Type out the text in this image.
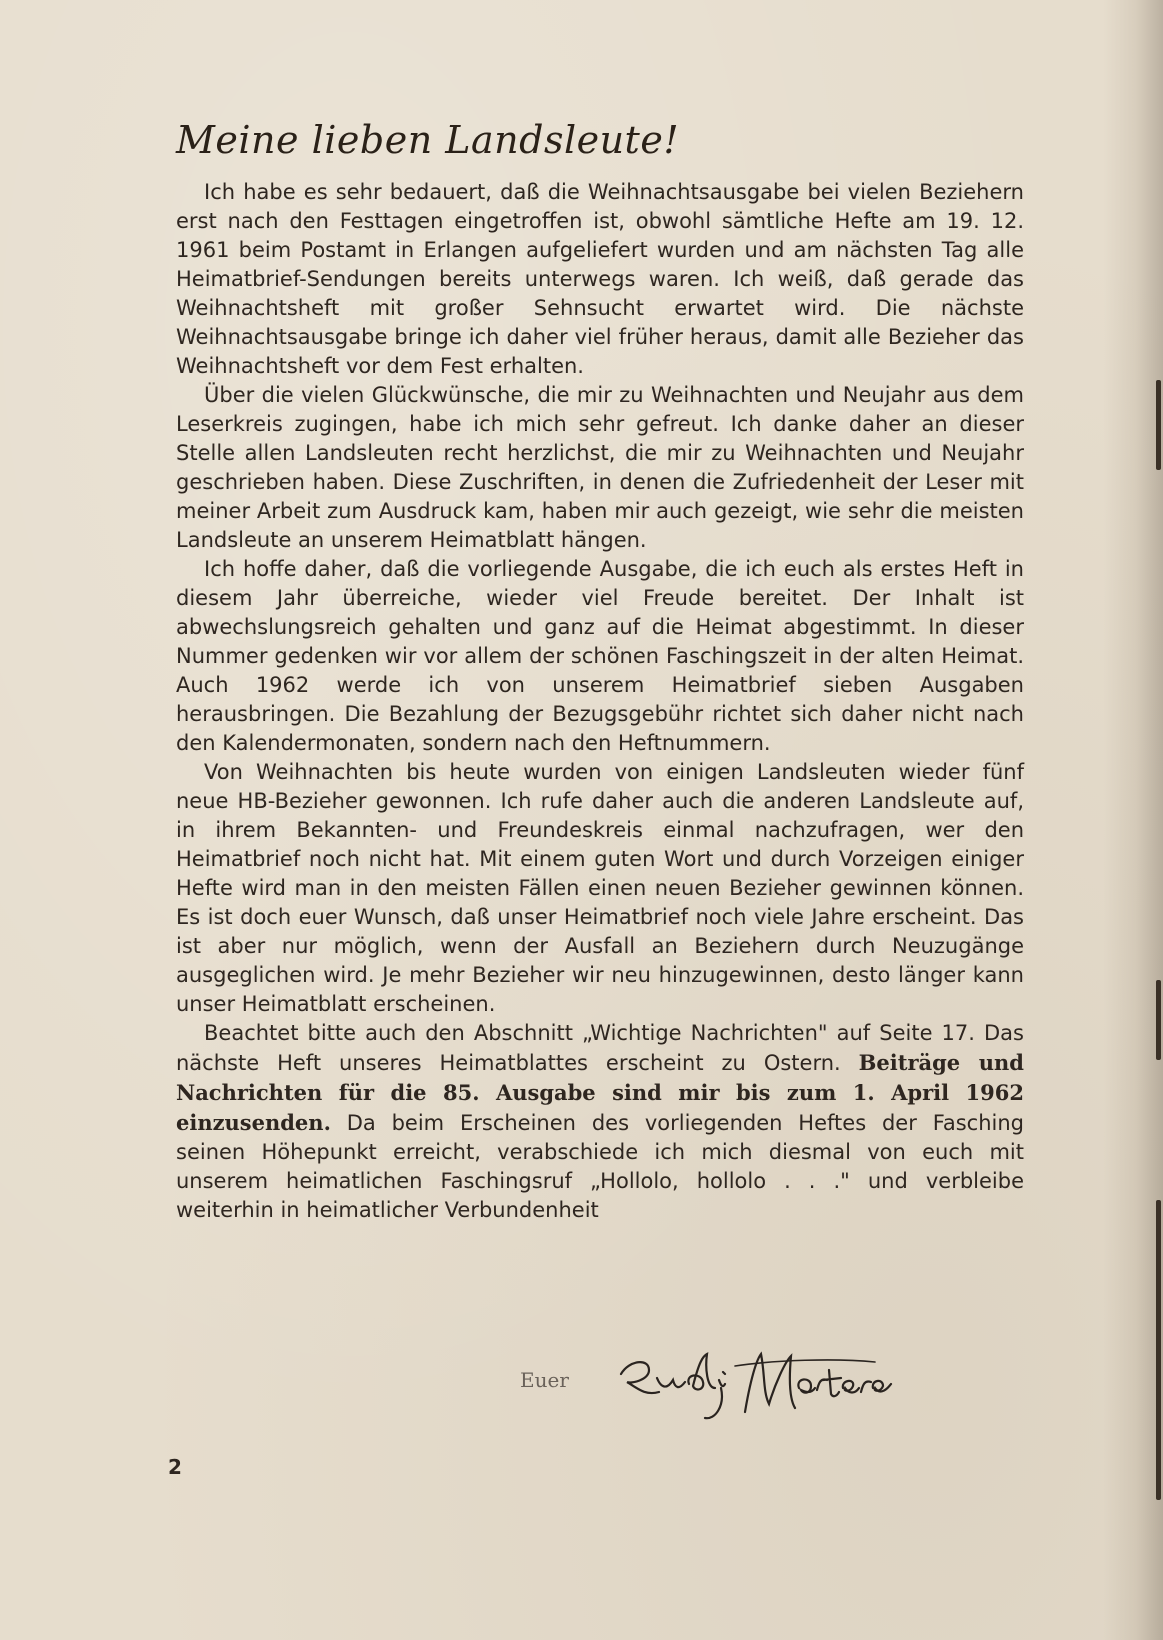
Meine lieben Landsleute!

Ich habe es sehr bedauert, daß die Weihnachtsausgabe bei vielen Beziehern erst nach den Festtagen eingetroffen ist, obwohl sämtliche Hefte am 19. 12. 1961 beim Postamt in Erlangen aufgeliefert wurden und am nächsten Tag alle Heimatbrief-Sendungen bereits unterwegs waren. Ich weiß, daß gerade das Weihnachtsheft mit großer Sehnsucht erwartet wird. Die nächste Weihnachtsausgabe bringe ich daher viel früher heraus, damit alle Bezieher das Weihnachtsheft vor dem Fest erhalten.

Über die vielen Glückwünsche, die mir zu Weihnachten und Neujahr aus dem Leserkreis zugingen, habe ich mich sehr gefreut. Ich danke daher an dieser Stelle allen Landsleuten recht herzlichst, die mir zu Weihnachten und Neujahr geschrieben haben. Diese Zuschriften, in denen die Zufriedenheit der Leser mit meiner Arbeit zum Ausdruck kam, haben mir auch gezeigt, wie sehr die meisten Landsleute an unserem Heimatblatt hängen.

Ich hoffe daher, daß die vorliegende Ausgabe, die ich euch als erstes Heft in diesem Jahr überreiche, wieder viel Freude bereitet. Der Inhalt ist abwechslungsreich gehalten und ganz auf die Heimat abgestimmt. In dieser Nummer gedenken wir vor allem der schönen Faschingszeit in der alten Heimat. Auch 1962 werde ich von unserem Heimatbrief sieben Ausgaben herausbringen. Die Bezahlung der Bezugsgebühr richtet sich daher nicht nach den Kalendermonaten, sondern nach den Heftnummern.

Von Weihnachten bis heute wurden von einigen Landsleuten wieder fünf neue HB-Bezieher gewonnen. Ich rufe daher auch die anderen Landsleute auf, in ihrem Bekannten- und Freundeskreis einmal nachzufragen, wer den Heimatbrief noch nicht hat. Mit einem guten Wort und durch Vorzeigen einiger Hefte wird man in den meisten Fällen einen neuen Bezieher gewinnen können. Es ist doch euer Wunsch, daß unser Heimatbrief noch viele Jahre erscheint. Das ist aber nur möglich, wenn der Ausfall an Beziehern durch Neuzugänge ausgeglichen wird. Je mehr Bezieher wir neu hinzugewinnen, desto länger kann unser Heimatblatt erscheinen.

Beachtet bitte auch den Abschnitt „Wichtige Nachrichten" auf Seite 17. Das nächste Heft unseres Heimatblattes erscheint zu Ostern. Beiträge und Nachrichten für die 85. Ausgabe sind mir bis zum 1. April 1962 einzusenden. Da beim Erscheinen des vorliegenden Heftes der Fasching seinen Höhepunkt erreicht, verabschiede ich mich diesmal von euch mit unserem heimatlichen Faschingsruf „Hollolo, hollolo . . ." und verbleibe weiterhin in heimatlicher Verbundenheit

Euer
2
